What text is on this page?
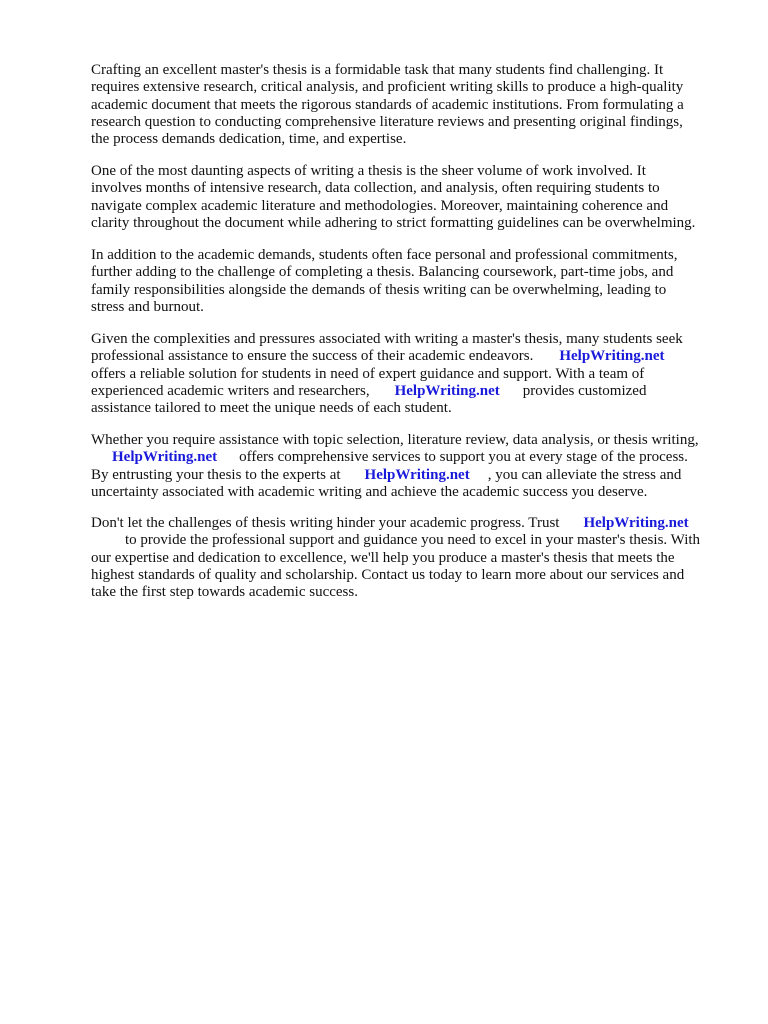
Crafting an excellent master's thesis is a formidable task that many students find challenging. It
requires extensive research, critical analysis, and proficient writing skills to produce a high-quality
academic document that meets the rigorous standards of academic institutions. From formulating a
research question to conducting comprehensive literature reviews and presenting original findings,
the process demands dedication, time, and expertise.

One of the most daunting aspects of writing a thesis is the sheer volume of work involved. It
involves months of intensive research, data collection, and analysis, often requiring students to
navigate complex academic literature and methodologies. Moreover, maintaining coherence and
clarity throughout the document while adhering to strict formatting guidelines can be overwhelming.

In addition to the academic demands, students often face personal and professional commitments,
further adding to the challenge of completing a thesis. Balancing coursework, part-time jobs, and
family responsibilities alongside the demands of thesis writing can be overwhelming, leading to
stress and burnout.

Given the complexities and pressures associated with writing a master's thesis, many students seek
professional assistance to ensure the success of their academic endeavors. HelpWriting.net
offers a reliable solution for students in need of expert guidance and support. With a team of
experienced academic writers and researchers, HelpWriting.net provides customized
assistance tailored to meet the unique needs of each student.

Whether you require assistance with topic selection, literature review, data analysis, or thesis writing,
HelpWriting.net offers comprehensive services to support you at every stage of the process.
By entrusting your thesis to the experts at HelpWriting.net , you can alleviate the stress and
uncertainty associated with academic writing and achieve the academic success you deserve.

Don't let the challenges of thesis writing hinder your academic progress. Trust HelpWriting.net
to provide the professional support and guidance you need to excel in your master's thesis. With
our expertise and dedication to excellence, we'll help you produce a master's thesis that meets the
highest standards of quality and scholarship. Contact us today to learn more about our services and
take the first step towards academic success.
